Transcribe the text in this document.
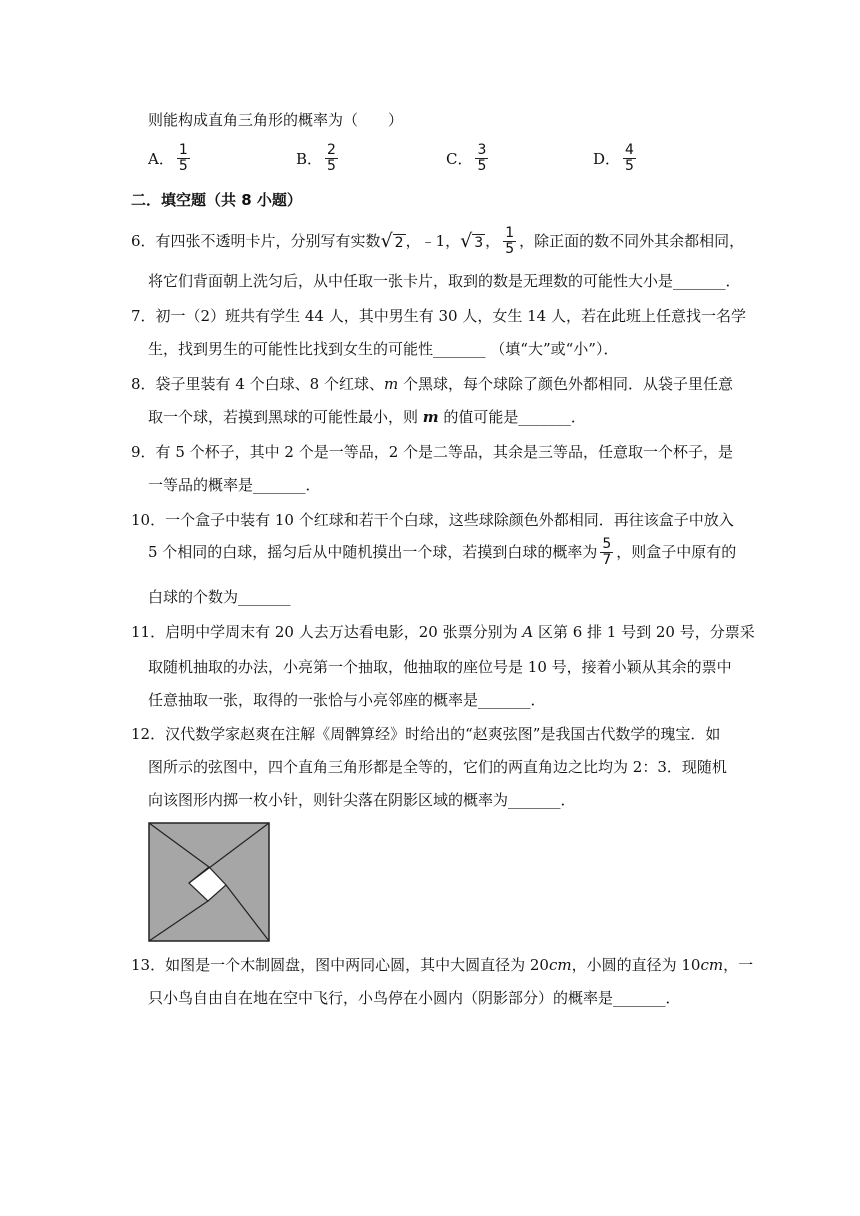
则能构成直角三角形的概率为（　　）
A． $\frac{1}{5}$	B． $\frac{2}{5}$	C． $\frac{3}{5}$	D． $\frac{4}{5}$
二．填空题（共 8 小题）
6． 有四张不透明卡片，分别写有实数 √ 2 ，﹣1， √ 3 ， $\frac{1}{5}$ ，除正面的数不同外其余都相同，
将它们背面朝上洗匀后，从中任取一张卡片，取到的数是无理数的可能性大小是_______．
7．初一（2）班共有学生 44 人，其中男生有 30 人，女生 14 人，若在此班上任意找一名学
生，找到男生的可能性比找到女生的可能性_______ （填“大”或“小”）．
8．袋子里装有 4 个白球、8 个红球、m 个黑球，每个球除了颜色外都相同．从袋子里任意
取一个球，若摸到黑球的可能性最小，则 m 的值可能是_______．
9．有 5 个杯子，其中 2 个是一等品，2 个是二等品，其余是三等品，任意取一个杯子，是
一等品的概率是_______．
10．一个盒子中装有 10 个红球和若干个白球，这些球除颜色外都相同．再往该盒子中放入
5 个相同的白球，摇匀后从中随机摸出一个球，若摸到白球的概率为 $\frac{5}{7}$ ，则盒子中原有的
白球的个数为_______
11．启明中学周末有 20 人去万达看电影，20 张票分别为 A 区第 6 排 1 号到 20 号，分票采
取随机抽取的办法，小亮第一个抽取，他抽取的座位号是 10 号，接着小颖从其余的票中
任意抽取一张，取得的一张恰与小亮邻座的概率是_______．
12．汉代数学家赵爽在注解《周髀算经》时给出的“赵爽弦图”是我国古代数学的瑰宝．如
图所示的弦图中，四个直角三角形都是全等的，它们的两直角边之比均为 2：3．现随机
向该图形内掷一枚小针，则针尖落在阴影区域的概率为_______．
13．如图是一个木制圆盘，图中两同心圆，其中大圆直径为 20cm，小圆的直径为 10cm，一
只小鸟自由自在地在空中飞行，小鸟停在小圆内（阴影部分）的概率是_______．
